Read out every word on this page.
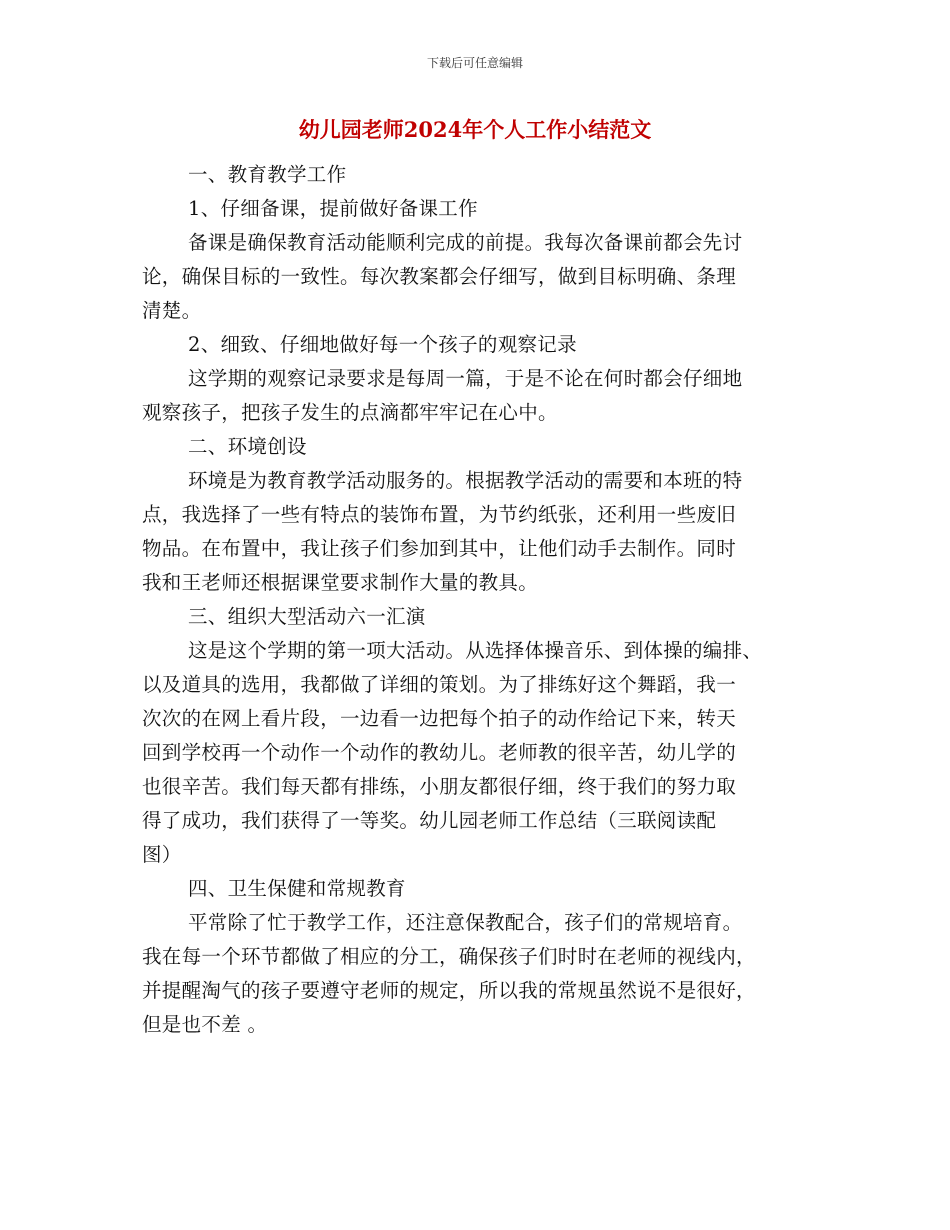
下载后可任意编辑
幼儿园老师2024年个人工作小结范文
一、教育教学工作
1、仔细备课，提前做好备课工作
备课是确保教育活动能顺利完成的前提。我每次备课前都会先讨
论，确保目标的一致性。每次教案都会仔细写，做到目标明确、条理
清楚。
2、细致、仔细地做好每一个孩子的观察记录
这学期的观察记录要求是每周一篇，于是不论在何时都会仔细地
观察孩子，把孩子发生的点滴都牢牢记在心中。
二、环境创设
环境是为教育教学活动服务的。根据教学活动的需要和本班的特
点，我选择了一些有特点的装饰布置，为节约纸张，还利用一些废旧
物品。在布置中，我让孩子们参加到其中，让他们动手去制作。同时
我和王老师还根据课堂要求制作大量的教具。
三、组织大型活动六一汇演
这是这个学期的第一项大活动。从选择体操音乐、到体操的编排、
以及道具的选用，我都做了详细的策划。为了排练好这个舞蹈，我一
次次的在网上看片段，一边看一边把每个拍子的动作给记下来，转天
回到学校再一个动作一个动作的教幼儿。老师教的很辛苦，幼儿学的
也很辛苦。我们每天都有排练，小朋友都很仔细，终于我们的努力取
得了成功，我们获得了一等奖。幼儿园老师工作总结（三联阅读配
图）
四、卫生保健和常规教育
平常除了忙于教学工作，还注意保教配合，孩子们的常规培育。
我在每一个环节都做了相应的分工，确保孩子们时时在老师的视线内，
并提醒淘气的孩子要遵守老师的规定，所以我的常规虽然说不是很好，
但是也不差 。
